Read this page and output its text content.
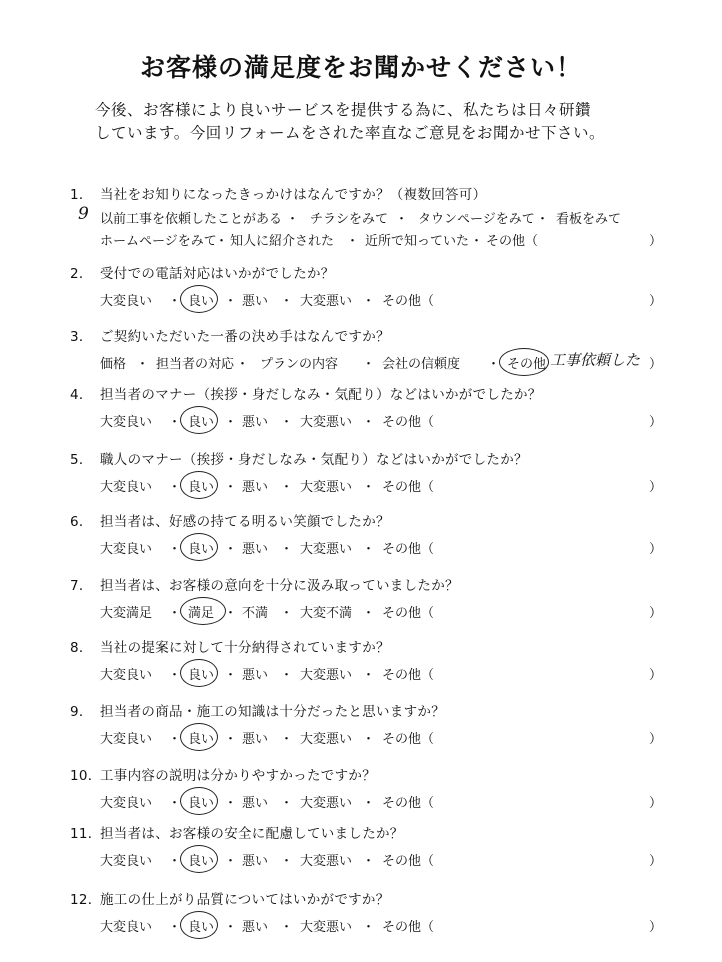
お客様の満足度をお聞かせください！
今後、お客様により良いサービスを提供する為に、私たちは日々研鑽
しています。今回リフォームをされた率直なご意見をお聞かせ下さい。
1． 当社をお知りになったきっかけはなんですか？（複数回答可）
9 以前工事を依頼したことがある ・ チラシをみて ・ タウンページをみて ・ 看板をみて
ホームページをみて
・ 知人に紹介された ・ 近所で知っていた ・ その他（	）
2． 受付での電話対応はいかがでしたか？
大変良い ・ 良い ・ 悪い ・ 大変悪い ・ その他（	）
3． ご契約いただいた一番の決め手はなんですか？
価格 ・ 担当者の対応 ・ プランの内容 ・ 会社の信頼度 ・ その他 工事依頼した ）
4． 担当者のマナー（挨拶・身だしなみ・気配り）などはいかがでしたか？
大変良い ・ 良い ・ 悪い ・ 大変悪い ・ その他（	）
5． 職人のマナー（挨拶・身だしなみ・気配り）などはいかがでしたか？
大変良い ・ 良い ・ 悪い ・ 大変悪い ・ その他（	）
6． 担当者は、好感の持てる明るい笑顔でしたか？
大変良い ・ 良い ・ 悪い ・ 大変悪い ・ その他（	）
7． 担当者は、お客様の意向を十分に汲み取っていましたか？
大変満足 ・ 満足 ・ 不満 ・ 大変不満 ・ その他（	）
8． 当社の提案に対して十分納得されていますか？
大変良い ・ 良い ・ 悪い ・ 大変悪い ・ その他（	）
9． 担当者の商品・施工の知識は十分だったと思いますか？
大変良い ・ 良い ・ 悪い ・ 大変悪い ・ その他（	）
10．工事内容の説明は分かりやすかったですか？
大変良い ・ 良い ・ 悪い ・ 大変悪い ・ その他（	）
11．担当者は、お客様の安全に配慮していましたか？
大変良い ・ 良い ・ 悪い ・ 大変悪い ・ その他（	）
12．施工の仕上がり品質についてはいかがですか？
大変良い ・ 良い ・ 悪い ・ 大変悪い ・ その他（	）
